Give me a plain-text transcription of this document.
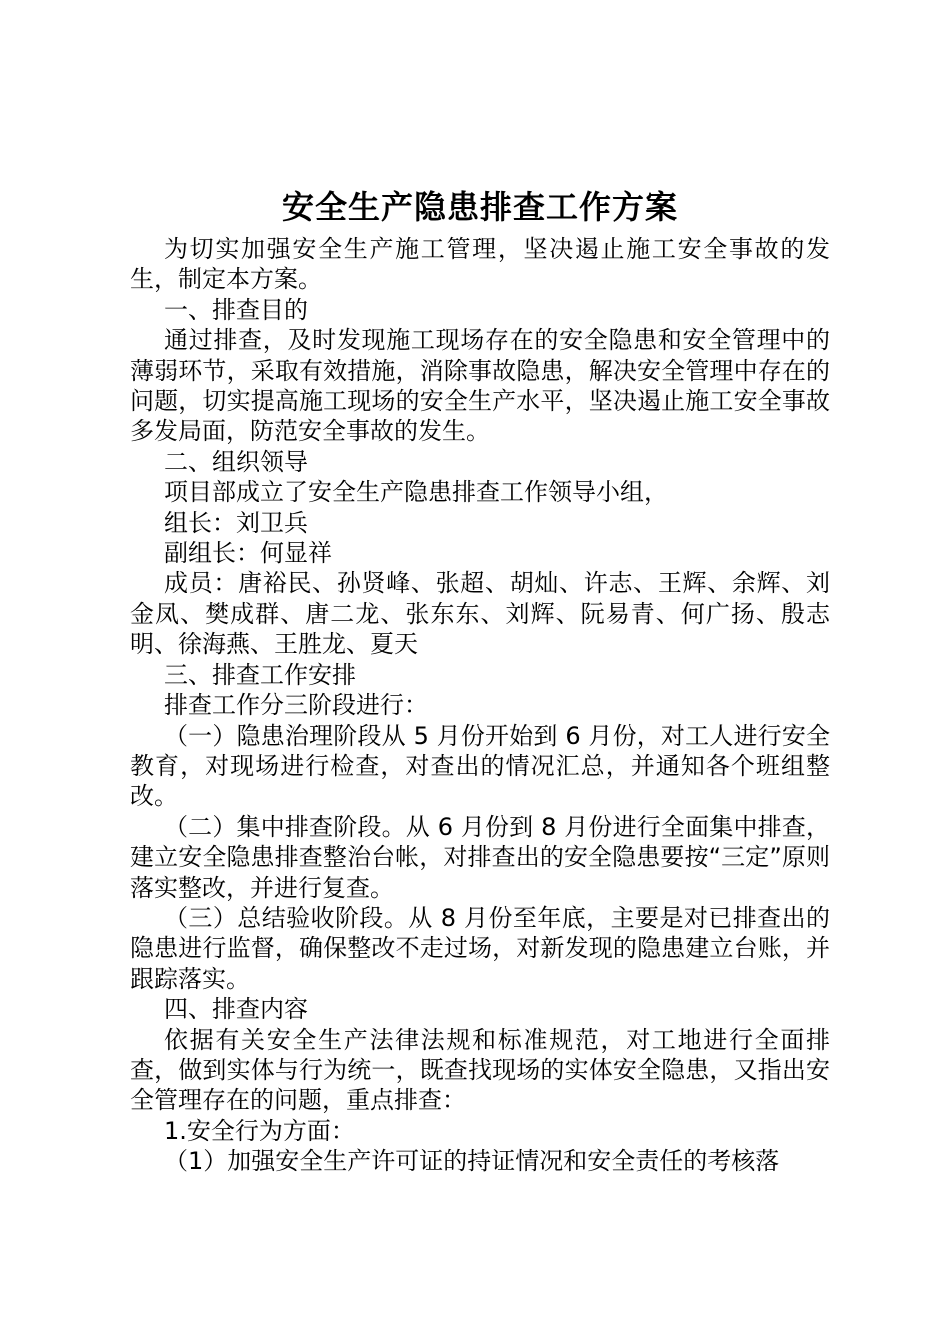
安全生产隐患排查工作方案

为切实加强安全生产施工管理，坚决遏止施工安全事故的发生，制定本方案。

一、排查目的

通过排查，及时发现施工现场存在的安全隐患和安全管理中的薄弱环节，采取有效措施，消除事故隐患，解决安全管理中存在的问题，切实提高施工现场的安全生产水平，坚决遏止施工安全事故多发局面，防范安全事故的发生。

二、组织领导

项目部成立了安全生产隐患排查工作领导小组，

组长：刘卫兵

副组长：何显祥

成员：唐裕民、孙贤峰、张超、胡灿、许志、王辉、余辉、刘金凤、樊成群、唐二龙、张东东、刘辉、阮易青、何广扬、殷志明、徐海燕、王胜龙、夏天

三、排查工作安排

排查工作分三阶段进行：

（一）隐患治理阶段从 5 月份开始到 6 月份，对工人进行安全教育，对现场进行检查，对查出的情况汇总，并通知各个班组整改。

（二）集中排查阶段。从 6 月份到 8 月份进行全面集中排查，建立安全隐患排查整治台帐，对排查出的安全隐患要按“三定”原则落实整改，并进行复查。

（三）总结验收阶段。从 8 月份至年底，主要是对已排查出的隐患进行监督，确保整改不走过场，对新发现的隐患建立台账，并跟踪落实。

四、排查内容

依据有关安全生产法律法规和标准规范，对工地进行全面排查，做到实体与行为统一，既查找现场的实体安全隐患，又指出安全管理存在的问题，重点排查：

1.安全行为方面：

（1）加强安全生产许可证的持证情况和安全责任的考核落
